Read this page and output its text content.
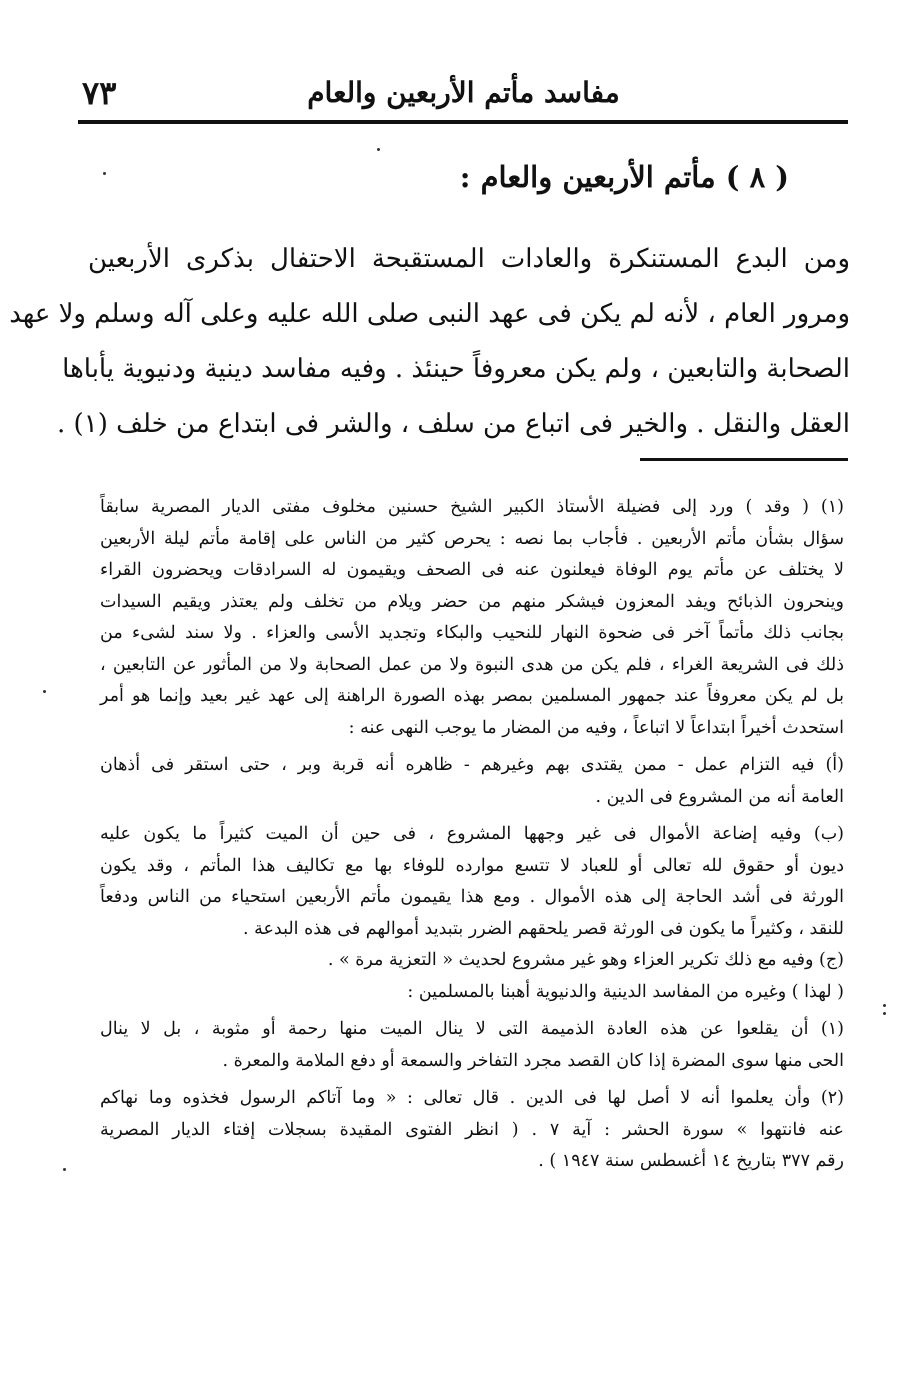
٧٣	مفاسد مأتم الأربعين والعام
( ٨ ) مأتم الأربعين والعام :
ومن البدع المستنكرة والعادات المستقبحة الاحتفال بذكرى الأربعين
ومرور العام ، لأنه لم يكن فى عهد النبى صلى الله عليه وعلى آله وسلم ولا عهد
الصحابة والتابعين ، ولم يكن معروفاً حينئذ . وفيه مفاسد دينية ودنيوية يأباها
العقل والنقل . والخير فى اتباع من سلف ، والشر فى ابتداع من خلف (١) .
(١) ( وقد ) ورد إلى فضيلة الأستاذ الكبير الشيخ حسنين مخلوف مفتى الديار المصرية سابقاً
سؤال بشأن مأتم الأربعين . فأجاب بما نصه : يحرص كثير من الناس على إقامة مأتم ليلة الأربعين
لا يختلف عن مأتم يوم الوفاة فيعلنون عنه فى الصحف ويقيمون له السرادقات ويحضرون القراء
وينحرون الذبائح ويفد المعزون فيشكر منهم من حضر ويلام من تخلف ولم يعتذر ويقيم السيدات
بجانب ذلك مأتماً آخر فى ضحوة النهار للنحيب والبكاء وتجديد الأسى والعزاء . ولا سند لشىء من
ذلك فى الشريعة الغراء ، فلم يكن من هدى النبوة ولا من عمل الصحابة ولا من المأثور عن التابعين ،
بل لم يكن معروفاً عند جمهور المسلمين بمصر بهذه الصورة الراهنة إلى عهد غير بعيد وإنما هو أمر
استحدث أخيراً ابتداعاً لا اتباعاً ، وفيه من المضار ما يوجب النهى عنه :
(أ) فيه التزام عمل - ممن يقتدى بهم وغيرهم - ظاهره أنه قربة وبر ، حتى استقر فى أذهان
العامة أنه من المشروع فى الدين .
(ب) وفيه إضاعة الأموال فى غير وجهها المشروع ، فى حين أن الميت كثيراً ما يكون عليه
ديون أو حقوق لله تعالى أو للعباد لا تتسع موارده للوفاء بها مع تكاليف هذا المأتم ، وقد يكون
الورثة فى أشد الحاجة إلى هذه الأموال . ومع هذا يقيمون مأتم الأربعين استحياء من الناس ودفعاً
للنقد ، وكثيراً ما يكون فى الورثة قصر يلحقهم الضرر بتبديد أموالهم فى هذه البدعة .
(ج) وفيه مع ذلك تكرير العزاء وهو غير مشروع لحديث « التعزية مرة » .
( لهذا ) وغيره من المفاسد الدينية والدنيوية أهبنا بالمسلمين :
(١) أن يقلعوا عن هذه العادة الذميمة التى لا ينال الميت منها رحمة أو مثوبة ، بل لا ينال
الحى منها سوى المضرة إذا كان القصد مجرد التفاخر والسمعة أو دفع الملامة والمعرة .
(٢) وأن يعلموا أنه لا أصل لها فى الدين . قال تعالى : « وما آتاكم الرسول فخذوه وما نهاكم
عنه فانتهوا » سورة الحشر : آية ٧ . ( انظر الفتوى المقيدة بسجلات إفتاء الديار المصرية
رقم ٣٧٧ بتاريخ ١٤ أغسطس سنة ١٩٤٧ ) .
